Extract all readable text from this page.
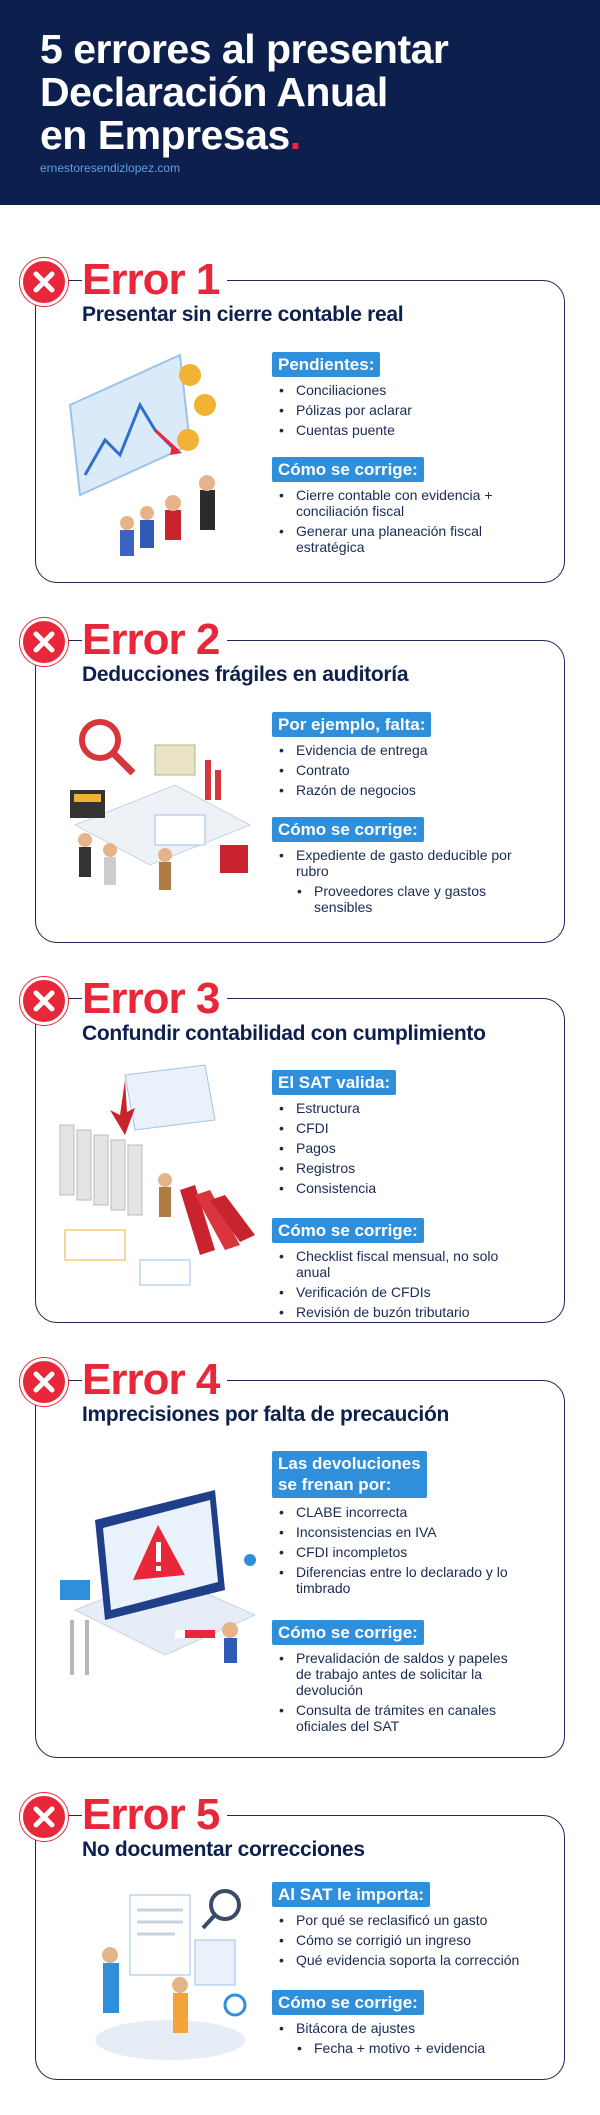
5 errores al presentar
Declaración Anual
en Empresas.
ernestoresendizlopez.com
Error 1
Presentar sin cierre contable real
Pendientes:
• Conciliaciones
• Pólizas por aclarar
• Cuentas puente
Cómo se corrige:
• Cierre contable con evidencia + conciliación fiscal
• Generar una planeación fiscal estratégica
Error 2
Deducciones frágiles en auditoría
Por ejemplo, falta:
• Evidencia de entrega
• Contrato
• Razón de negocios
Cómo se corrige:
• Expediente de gasto deducible por rubro
• Proveedores clave y gastos sensibles
Error 3
Confundir contabilidad con cumplimiento
El SAT valida:
• Estructura
• CFDI
• Pagos
• Registros
• Consistencia
Cómo se corrige:
• Checklist fiscal mensual, no solo anual
• Verificación de CFDIs
• Revisión de buzón tributario
Error 4
Imprecisiones por falta de precaución
Las devoluciones
se frenan por:
• CLABE incorrecta
• Inconsistencias en IVA
• CFDI incompletos
• Diferencias entre lo declarado y lo timbrado
Cómo se corrige:
• Prevalidación de saldos y papeles de trabajo antes de solicitar la devolución
• Consulta de trámites en canales oficiales del SAT
Error 5
No documentar correcciones
Al SAT le importa:
• Por qué se reclasificó un gasto
• Cómo se corrigió un ingreso
• Qué evidencia soporta la corrección
Cómo se corrige:
• Bitácora de ajustes
• Fecha + motivo + evidencia
